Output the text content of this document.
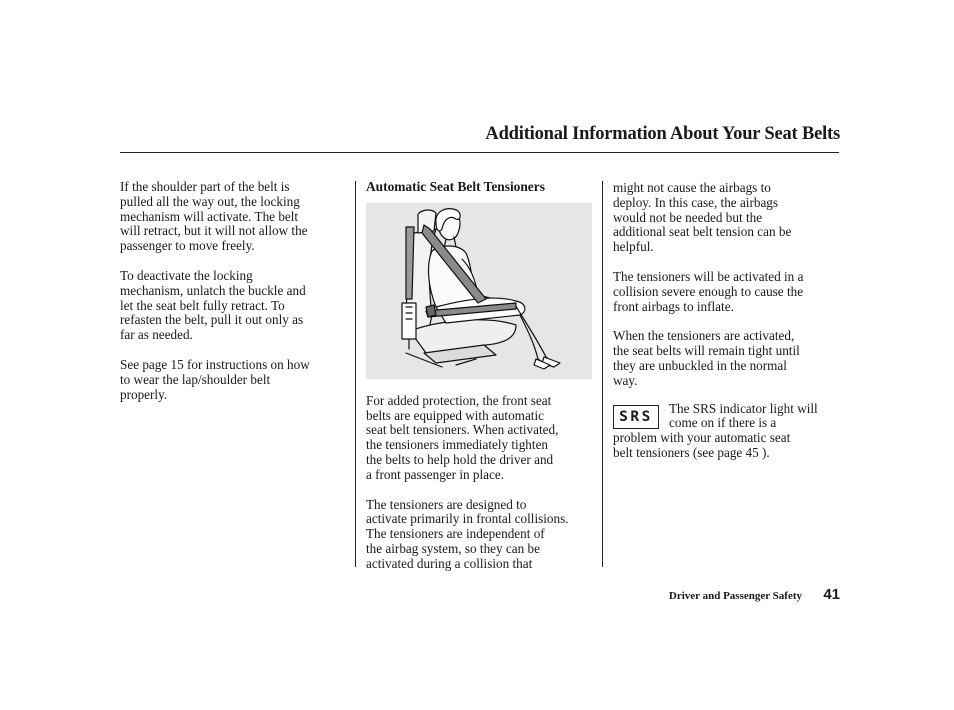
Additional Information About Your Seat Belts

If the shoulder part of the belt is
pulled all the way out, the locking
mechanism will activate. The belt
will retract, but it will not allow the
passenger to move freely.

To deactivate the locking
mechanism, unlatch the buckle and
let the seat belt fully retract. To
refasten the belt, pull it out only as
far as needed.

See page 15 for instructions on how
to wear the lap/shoulder belt
properly.

Automatic Seat Belt Tensioners

For added protection, the front seat
belts are equipped with automatic
seat belt tensioners. When activated,
the tensioners immediately tighten
the belts to help hold the driver and
a front passenger in place.

The tensioners are designed to
activate primarily in frontal collisions.
The tensioners are independent of
the airbag system, so they can be
activated during a collision that

might not cause the airbags to
deploy. In this case, the airbags
would not be needed but the
additional seat belt tension can be
helpful.

The tensioners will be activated in a
collision severe enough to cause the
front airbags to inflate.

When the tensioners are activated,
the seat belts will remain tight until
they are unbuckled in the normal
way.

SRS

The SRS indicator light will
come on if there is a
problem with your automatic seat
belt tensioners (see page 45 ).

Driver and Passenger Safety	41
